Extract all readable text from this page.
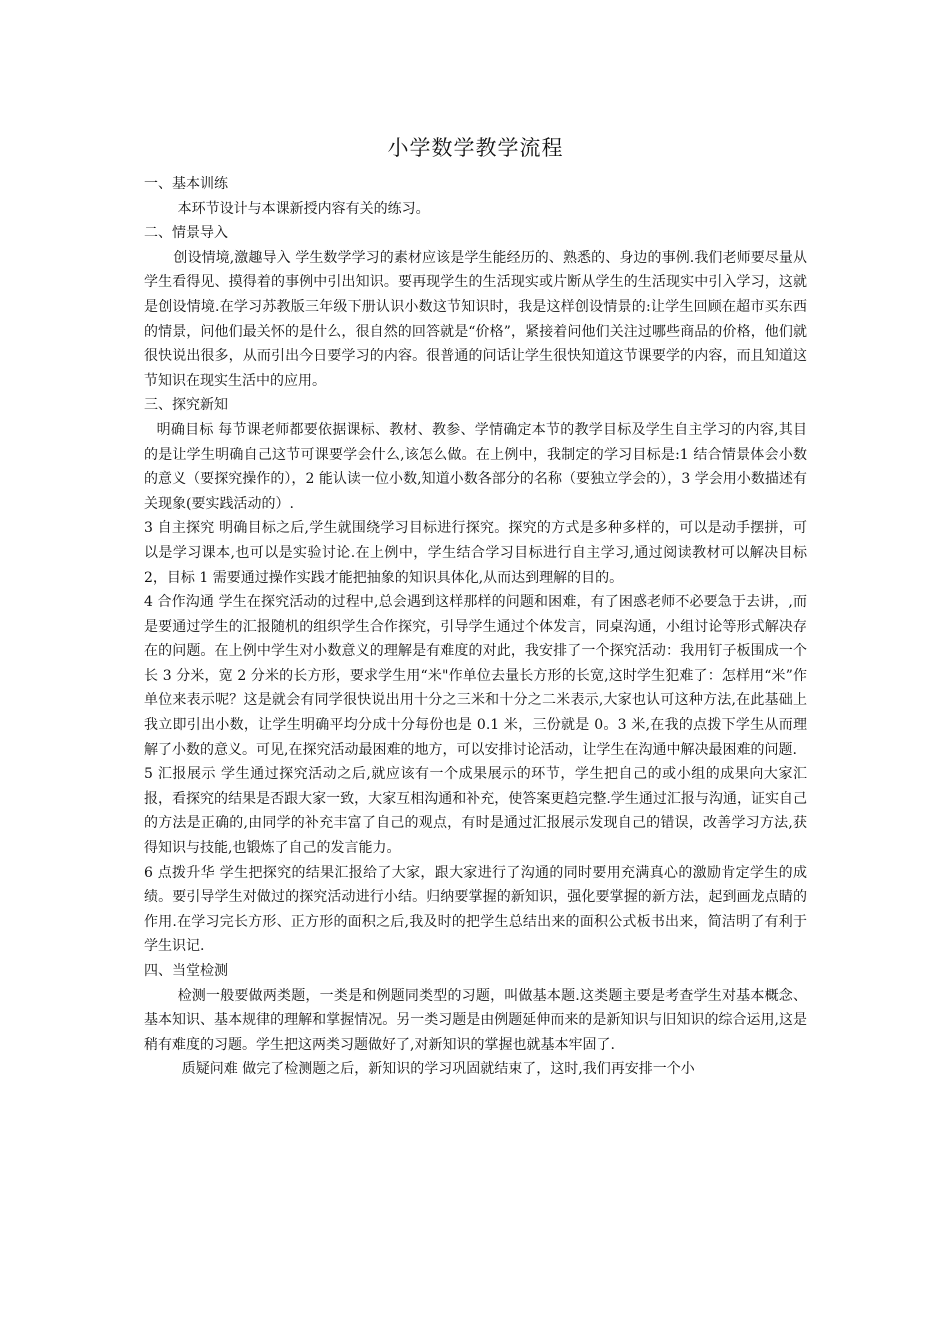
小学数学教学流程

一、基本训练

本环节设计与本课新授内容有关的练习。

二、情景导入

创设情境,激趣导入 学生数学学习的素材应该是学生能经历的、熟悉的、身边的事例.我们老师要尽量从学生看得见、摸得着的事例中引出知识。要再现学生的生活现实或片断从学生的生活现实中引入学习，这就是创设情境.在学习苏教版三年级下册认识小数这节知识时，我是这样创设情景的:让学生回顾在超市买东西的情景，问他们最关怀的是什么，很自然的回答就是“价格”，紧接着问他们关注过哪些商品的价格，他们就很快说出很多，从而引出今日要学习的内容。很普通的问话让学生很快知道这节课要学的内容，而且知道这节知识在现实生活中的应用。

三、探究新知

明确目标 每节课老师都要依据课标、教材、教参、学情确定本节的教学目标及学生自主学习的内容,其目的是让学生明确自己这节可课要学会什么,该怎么做。在上例中，我制定的学习目标是:1 结合情景体会小数的意义（要探究操作的），2 能认读一位小数,知道小数各部分的名称（要独立学会的），3 学会用小数描述有关现象(要实践活动的）.

3 自主探究 明确目标之后,学生就围绕学习目标进行探究。探究的方式是多种多样的，可以是动手摆拼，可以是学习课本,也可以是实验讨论.在上例中，学生结合学习目标进行自主学习,通过阅读教材可以解决目标 2，目标 1 需要通过操作实践才能把抽象的知识具体化,从而达到理解的目的。

4 合作沟通 学生在探究活动的过程中,总会遇到这样那样的问题和困难，有了困惑老师不必要急于去讲，,而是要通过学生的汇报随机的组织学生合作探究，引导学生通过个体发言，同桌沟通，小组讨论等形式解决存在的问题。在上例中学生对小数意义的理解是有难度的对此，我安排了一个探究活动：我用钉子板围成一个长 3 分米，宽 2 分米的长方形，要求学生用“米"作单位去量长方形的长宽,这时学生犯难了：怎样用“米”作单位来表示呢？这是就会有同学很快说出用十分之三米和十分之二米表示,大家也认可这种方法,在此基础上我立即引出小数，让学生明确平均分成十分每份也是 0.1 米，三份就是 0。3 米,在我的点拨下学生从而理解了小数的意义。可见,在探究活动最困难的地方，可以安排讨论活动，让学生在沟通中解决最困难的问题.

5 汇报展示 学生通过探究活动之后,就应该有一个成果展示的环节，学生把自己的或小组的成果向大家汇报，看探究的结果是否跟大家一致，大家互相沟通和补充，使答案更趋完整.学生通过汇报与沟通，证实自己的方法是正确的,由同学的补充丰富了自己的观点，有时是通过汇报展示发现自己的错误，改善学习方法,获得知识与技能,也锻炼了自己的发言能力。

6 点拨升华 学生把探究的结果汇报给了大家，跟大家进行了沟通的同时要用充满真心的激励肯定学生的成绩。要引导学生对做过的探究活动进行小结。归纳要掌握的新知识，强化要掌握的新方法，起到画龙点睛的作用.在学习完长方形、正方形的面积之后,我及时的把学生总结出来的面积公式板书出来，简洁明了有利于学生识记.

四、当堂检测

检测一般要做两类题，一类是和例题同类型的习题，叫做基本题.这类题主要是考查学生对基本概念、基本知识、基本规律的理解和掌握情况。另一类习题是由例题延伸而来的是新知识与旧知识的综合运用,这是稍有难度的习题。学生把这两类习题做好了,对新知识的掌握也就基本牢固了.

质疑问难 做完了检测题之后，新知识的学习巩固就结束了，这时,我们再安排一个小
